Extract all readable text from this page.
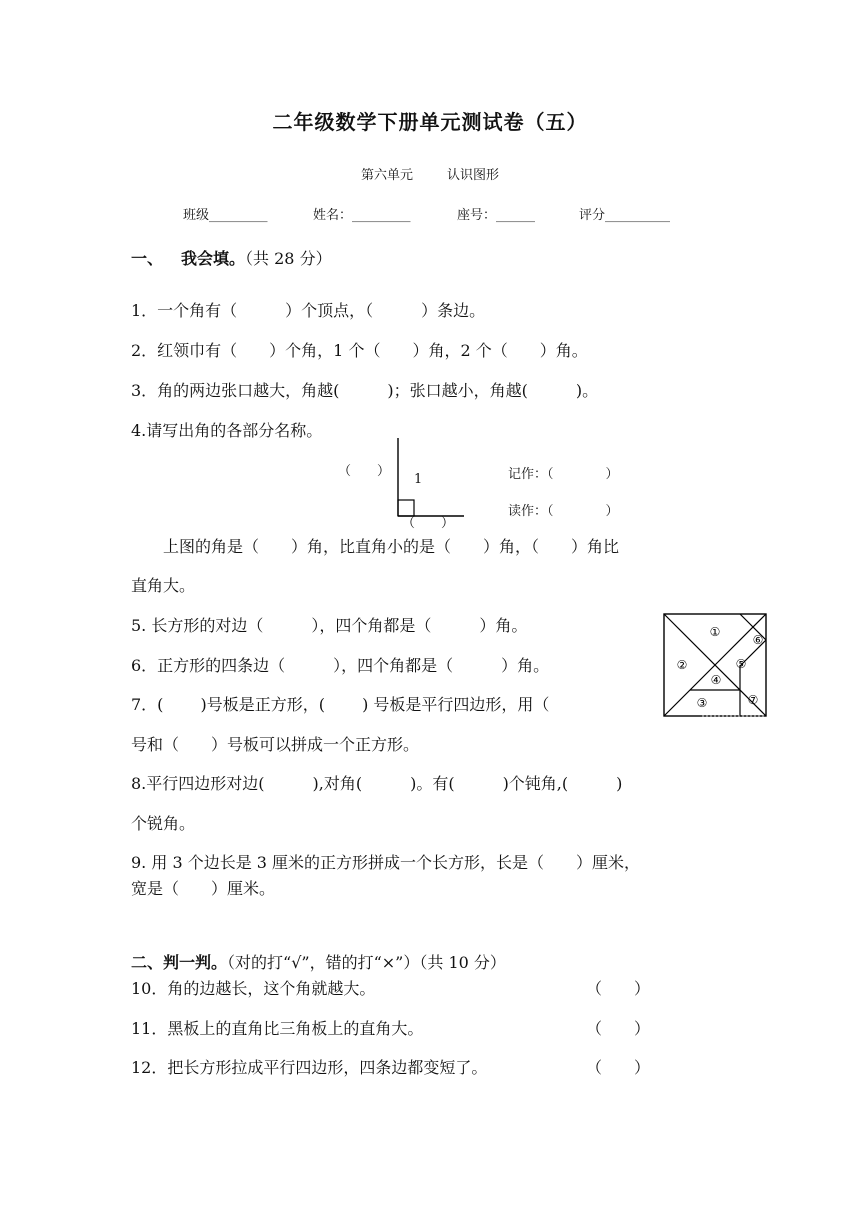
二年级数学下册单元测试卷（五）
第六单元	认识图形
班级_________	姓名：_________	座号：______	评分__________
一、 我会填。（共 28 分）
1．一个角有（　　　）个顶点，（　　　）条边。
2．红领巾有（　　）个角，1 个（　　）角，2 个（　　）角。
3．角的两边张口越大，角越(　　　)；张口越小，角越(　　　)。
4.请写出角的各部分名称。
（　　）
1
（　　）
记作：（　　　　）
读作：（　　　　）
　　上图的角是（　　）角，比直角小的是（　　）角，（　　）角比
直角大。
5. 长方形的对边（　　　），四个角都是（　　　）角。
6．正方形的四条边（　　　），四个角都是（　　　）角。
7．(　　 )号板是正方形，(　　 ) 号板是平行四边形，用（
号和（　　）号板可以拼成一个正方形。
①
②
③
④
⑤
⑥
⑦
8.平行四边形对边(　　　),对角(　　　)。有(　　　)个钝角,(　　　)
个锐角。
9. 用 3 个边长是 3 厘米的正方形拼成一个长方形，长是（　　）厘米，
宽是（　　）厘米。
二、判一判。（对的打“√”，错的打“×”）（共 10 分）
10．角的边越长，这个角就越大。	（　　）
11．黑板上的直角比三角板上的直角大。	（　　）
12．把长方形拉成平行四边形，四条边都变短了。	（　　）
